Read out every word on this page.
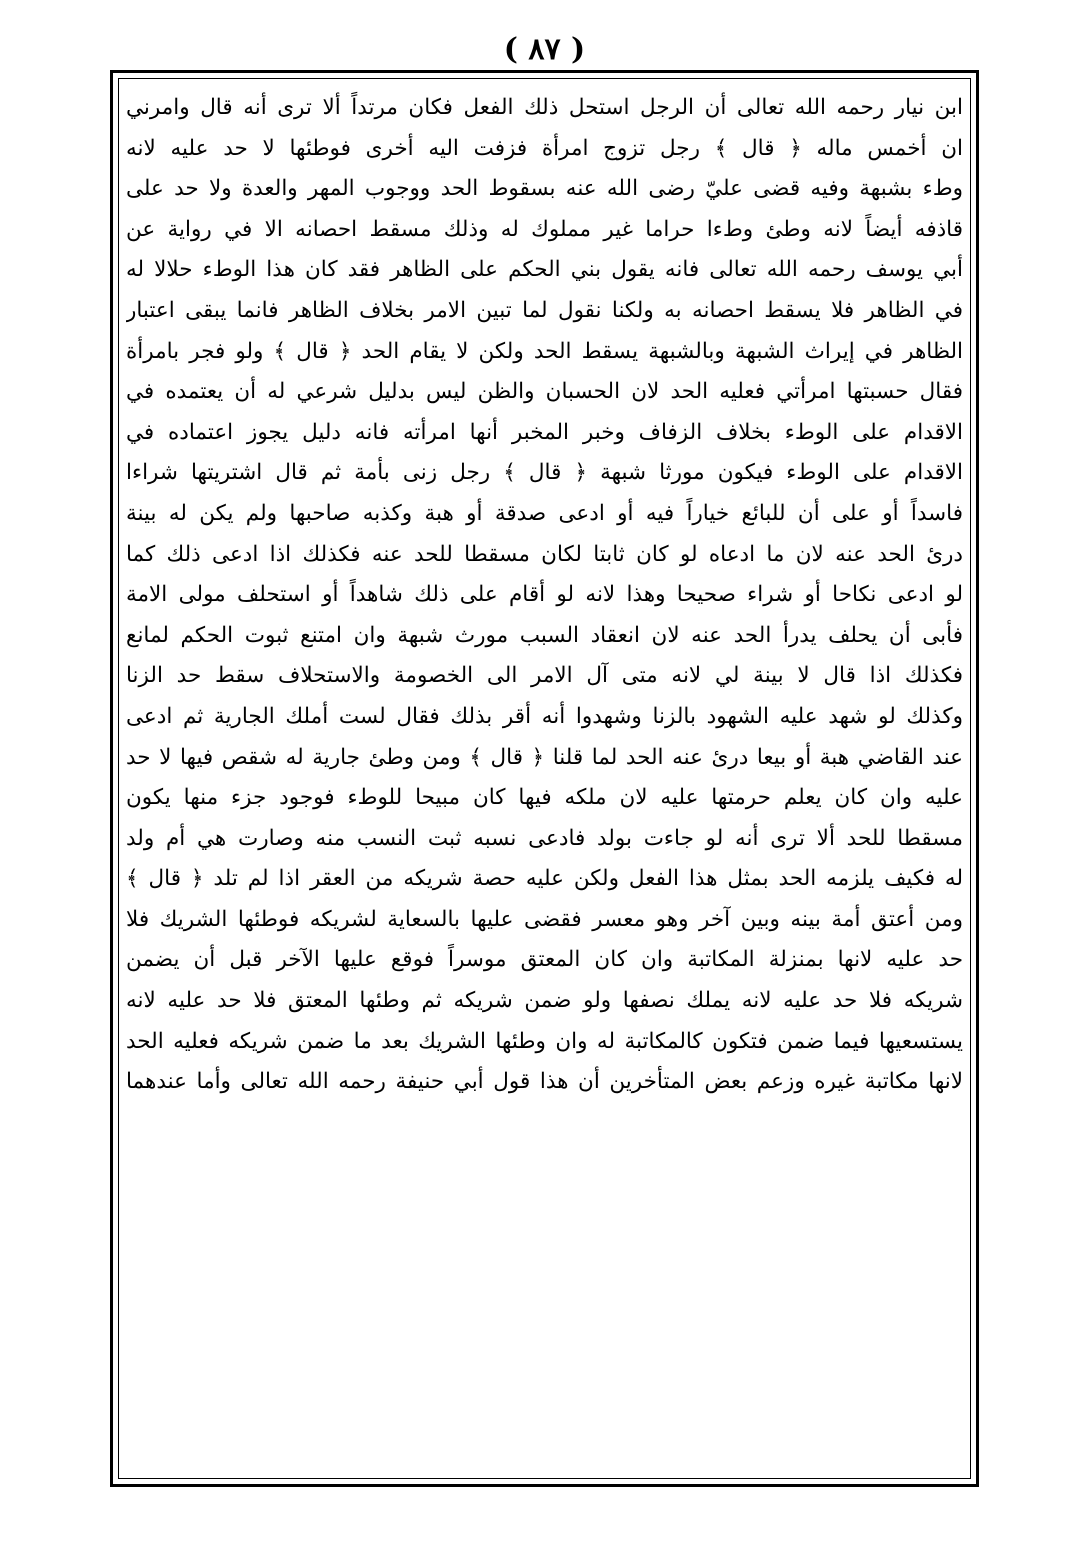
( ٨٧ )
ابن نيار رحمه الله تعالى أن الرجل استحل ذلك الفعل فكان مرتداً ألا ترى أنه قال وامرني
ان أخمس ماله ﴿ قال ﴾ رجل تزوج امرأة فزفت اليه أخرى فوطئها لا حد عليه لانه
وطء بشبهة وفيه قضى عليّ رضى الله عنه بسقوط الحد ووجوب المهر والعدة ولا حد على
قاذفه أيضاً لانه وطئ وطءا حراما غير مملوك له وذلك مسقط احصانه الا في رواية عن
أبي يوسف رحمه الله تعالى فانه يقول بني الحكم على الظاهر فقد كان هذا الوطء حلالا له
في الظاهر فلا يسقط احصانه به ولكنا نقول لما تبين الامر بخلاف الظاهر فانما يبقى اعتبار
الظاهر في إيراث الشبهة وبالشبهة يسقط الحد ولكن لا يقام الحد ﴿ قال ﴾ ولو فجر بامرأة
فقال حسبتها امرأتي فعليه الحد لان الحسبان والظن ليس بدليل شرعي له أن يعتمده في
الاقدام على الوطء بخلاف الزفاف وخبر المخبر أنها امرأته فانه دليل يجوز اعتماده في
الاقدام على الوطء فيكون مورثا شبهة ﴿ قال ﴾ رجل زنى بأمة ثم قال اشتريتها شراءا
فاسداً أو على أن للبائع خياراً فيه أو ادعى صدقة أو هبة وكذبه صاحبها ولم يكن له بينة
درئ الحد عنه لان ما ادعاه لو كان ثابتا لكان مسقطا للحد عنه فكذلك اذا ادعى ذلك كما
لو ادعى نكاحا أو شراء صحيحا وهذا لانه لو أقام على ذلك شاهداً أو استحلف مولى الامة
فأبى أن يحلف يدرأ الحد عنه لان انعقاد السبب مورث شبهة وان امتنع ثبوت الحكم لمانع
فكذلك اذا قال لا بينة لي لانه متى آل الامر الى الخصومة والاستحلاف سقط حد الزنا
وكذلك لو شهد عليه الشهود بالزنا وشهدوا أنه أقر بذلك فقال لست أملك الجارية ثم ادعى
عند القاضي هبة أو بيعا درئ عنه الحد لما قلنا ﴿ قال ﴾ ومن وطئ جارية له شقص فيها لا حد
عليه وان كان يعلم حرمتها عليه لان ملكه فيها كان مبيحا للوطء فوجود جزء منها يكون
مسقطا للحد ألا ترى أنه لو جاءت بولد فادعى نسبه ثبت النسب منه وصارت هي أم ولد
له فكيف يلزمه الحد بمثل هذا الفعل ولكن عليه حصة شريكه من العقر اذا لم تلد ﴿ قال ﴾
ومن أعتق أمة بينه وبين آخر وهو معسر فقضى عليها بالسعاية لشريكه فوطئها الشريك فلا
حد عليه لانها بمنزلة المكاتبة وان كان المعتق موسراً فوقع عليها الآخر قبل أن يضمن
شريكه فلا حد عليه لانه يملك نصفها ولو ضمن شريكه ثم وطئها المعتق فلا حد عليه لانه
يستسعيها فيما ضمن فتكون كالمكاتبة له وان وطئها الشريك بعد ما ضمن شريكه فعليه الحد
لانها مكاتبة غيره وزعم بعض المتأخرين أن هذا قول أبي حنيفة رحمه الله تعالى وأما عندهما
